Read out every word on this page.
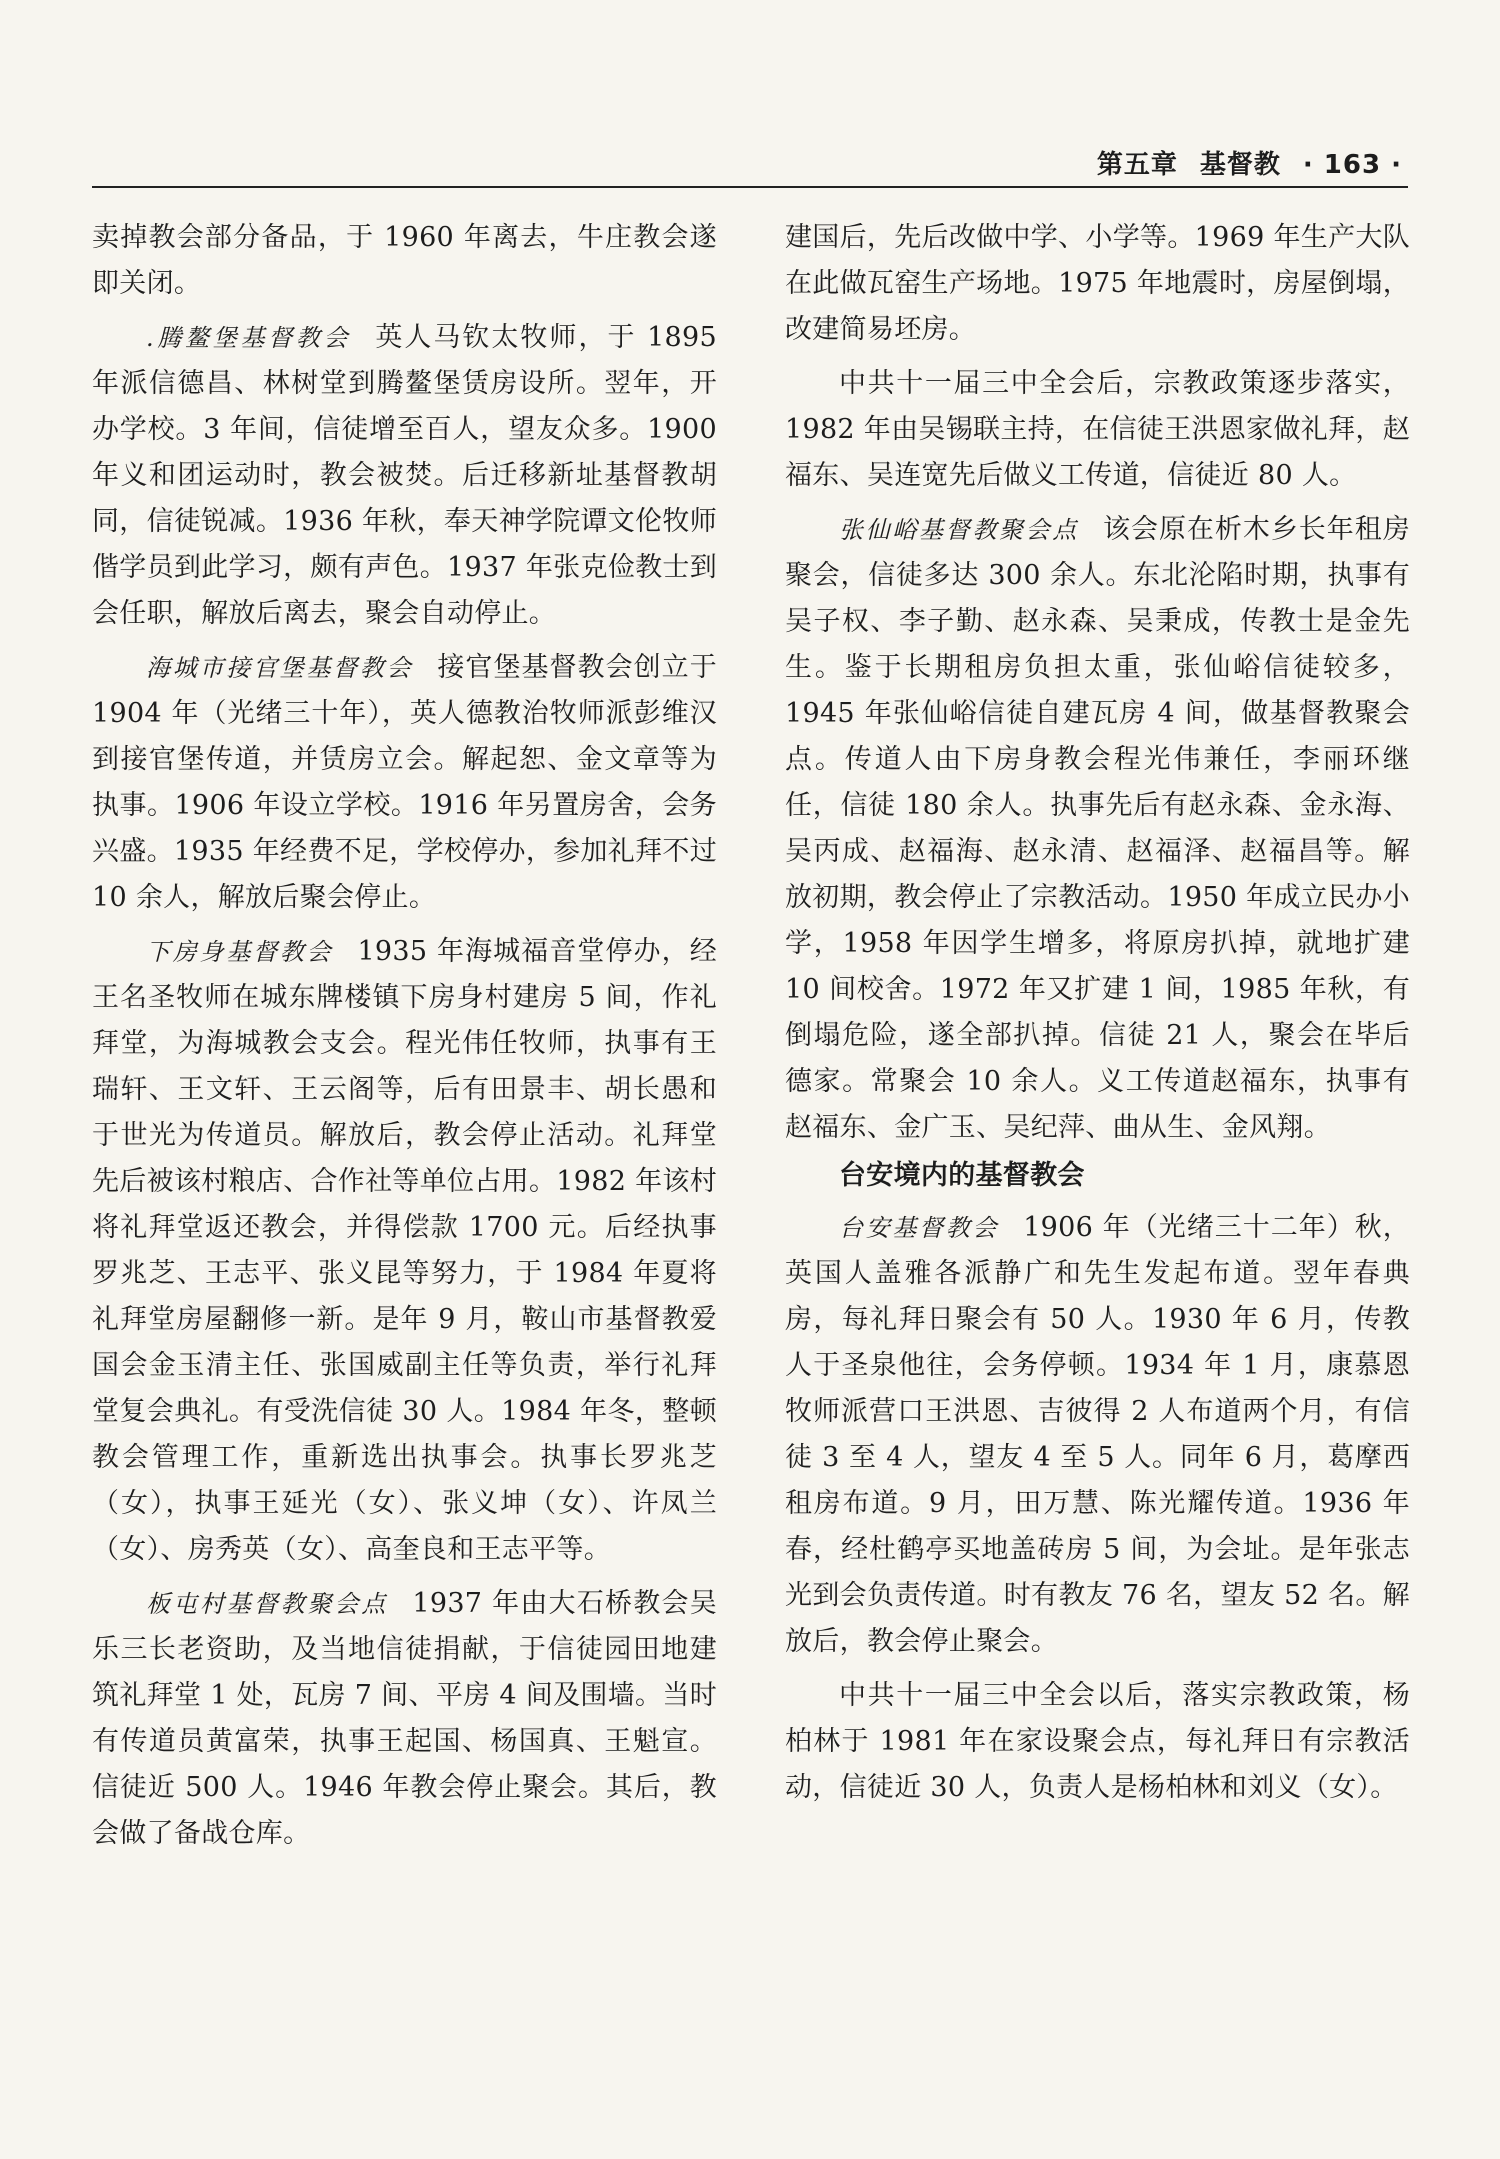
第五章 基督教 · 163 ·

卖掉教会部分备品，于 1960 年离去，牛庄教会遂即关闭。

.腾鳌堡基督教会 英人马钦太牧师，于 1895 年派信德昌、林树堂到腾鳌堡赁房设所。翌年，开办学校。3 年间，信徒增至百人，望友众多。1900 年义和团运动时，教会被焚。后迁移新址基督教胡同，信徒锐减。1936 年秋，奉天神学院谭文伦牧师偕学员到此学习，颇有声色。1937 年张克俭教士到会任职，解放后离去，聚会自动停止。

海城市接官堡基督教会 接官堡基督教会创立于 1904 年（光绪三十年），英人德教治牧师派彭维汉到接官堡传道，并赁房立会。解起恕、金文章等为执事。1906 年设立学校。1916 年另置房舍，会务兴盛。1935 年经费不足，学校停办，参加礼拜不过 10 余人，解放后聚会停止。

下房身基督教会 1935 年海城福音堂停办，经王名圣牧师在城东牌楼镇下房身村建房 5 间，作礼拜堂，为海城教会支会。程光伟任牧师，执事有王瑞轩、王文轩、王云阁等，后有田景丰、胡长愚和于世光为传道员。解放后，教会停止活动。礼拜堂先后被该村粮店、合作社等单位占用。1982 年该村将礼拜堂返还教会，并得偿款 1700 元。后经执事罗兆芝、王志平、张义昆等努力，于 1984 年夏将礼拜堂房屋翻修一新。是年 9 月，鞍山市基督教爱国会金玉清主任、张国威副主任等负责，举行礼拜堂复会典礼。有受洗信徒 30 人。1984 年冬，整顿教会管理工作，重新选出执事会。执事长罗兆芝（女），执事王延光（女）、张义坤（女）、许凤兰（女）、房秀英（女）、高奎良和王志平等。

板屯村基督教聚会点 1937 年由大石桥教会吴乐三长老资助，及当地信徒捐献，于信徒园田地建筑礼拜堂 1 处，瓦房 7 间、平房 4 间及围墙。当时有传道员黄富荣，执事王起国、杨国真、王魁宣。信徒近 500 人。1946 年教会停止聚会。其后，教会做了备战仓库。

建国后，先后改做中学、小学等。1969 年生产大队在此做瓦窑生产场地。1975 年地震时，房屋倒塌，改建简易坯房。

中共十一届三中全会后，宗教政策逐步落实，1982 年由吴锡联主持，在信徒王洪恩家做礼拜，赵福东、吴连宽先后做义工传道，信徒近 80 人。

张仙峪基督教聚会点 该会原在析木乡长年租房聚会，信徒多达 300 余人。东北沦陷时期，执事有吴子权、李子勤、赵永森、吴秉成，传教士是金先生。鉴于长期租房负担太重，张仙峪信徒较多，1945 年张仙峪信徒自建瓦房 4 间，做基督教聚会点。传道人由下房身教会程光伟兼任，李丽环继任，信徒 180 余人。执事先后有赵永森、金永海、吴丙成、赵福海、赵永清、赵福泽、赵福昌等。解放初期，教会停止了宗教活动。1950 年成立民办小学，1958 年因学生增多，将原房扒掉，就地扩建 10 间校舍。1972 年又扩建 1 间，1985 年秋，有倒塌危险，遂全部扒掉。信徒 21 人，聚会在毕后德家。常聚会 10 余人。义工传道赵福东，执事有赵福东、金广玉、吴纪萍、曲从生、金风翔。

台安境内的基督教会

台安基督教会 1906 年（光绪三十二年）秋，英国人盖雅各派静广和先生发起布道。翌年春典房，每礼拜日聚会有 50 人。1930 年 6 月，传教人于圣泉他往，会务停顿。1934 年 1 月，康慕恩牧师派营口王洪恩、吉彼得 2 人布道两个月，有信徒 3 至 4 人，望友 4 至 5 人。同年 6 月，葛摩西租房布道。9 月，田万慧、陈光耀传道。1936 年春，经杜鹤亭买地盖砖房 5 间，为会址。是年张志光到会负责传道。时有教友 76 名，望友 52 名。解放后，教会停止聚会。

中共十一届三中全会以后，落实宗教政策，杨柏林于 1981 年在家设聚会点，每礼拜日有宗教活动，信徒近 30 人，负责人是杨柏林和刘义（女）。
